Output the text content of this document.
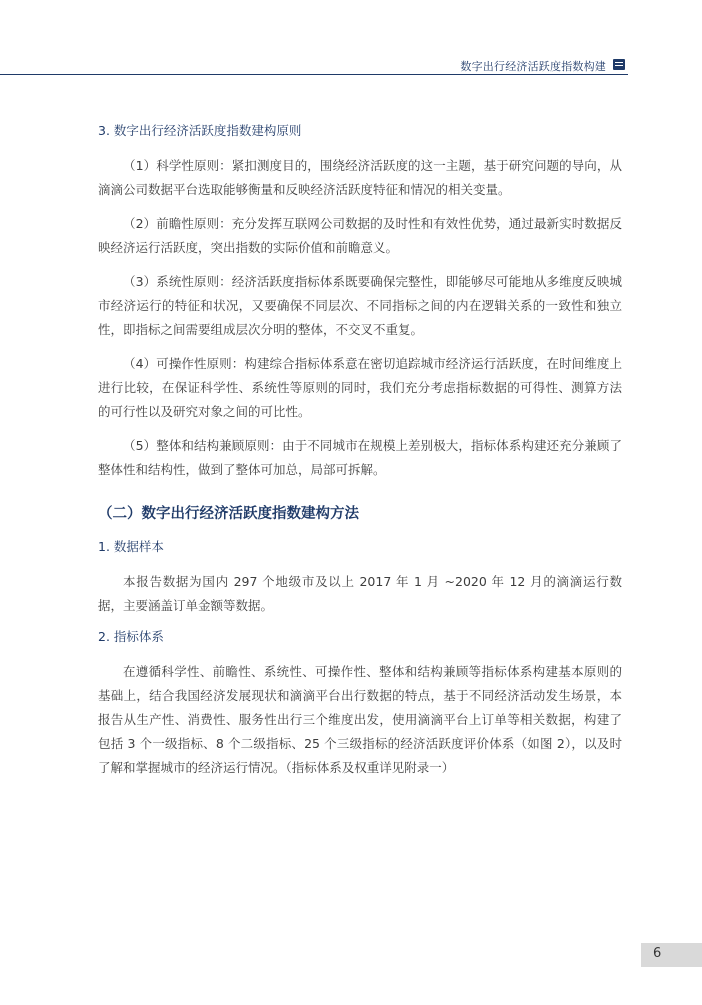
数字出行经济活跃度指数构建
3. 数字出行经济活跃度指数建构原则

（1）科学性原则：紧扣测度目的，围绕经济活跃度的这一主题，基于研究问题的导向，从滴滴公司数据平台选取能够衡量和反映经济活跃度特征和情况的相关变量。

（2）前瞻性原则：充分发挥互联网公司数据的及时性和有效性优势，通过最新实时数据反映经济运行活跃度，突出指数的实际价值和前瞻意义。

（3）系统性原则：经济活跃度指标体系既要确保完整性，即能够尽可能地从多维度反映城市经济运行的特征和状况，又要确保不同层次、不同指标之间的内在逻辑关系的一致性和独立性，即指标之间需要组成层次分明的整体，不交叉不重复。

（4）可操作性原则：构建综合指标体系意在密切追踪城市经济运行活跃度，在时间维度上进行比较，在保证科学性、系统性等原则的同时，我们充分考虑指标数据的可得性、测算方法的可行性以及研究对象之间的可比性。

（5）整体和结构兼顾原则：由于不同城市在规模上差别极大，指标体系构建还充分兼顾了整体性和结构性，做到了整体可加总，局部可拆解。

（二）数字出行经济活跃度指数建构方法
1. 数据样本

本报告数据为国内 297 个地级市及以上 2017 年 1 月 ~2020 年 12 月的滴滴运行数据，主要涵盖订单金额等数据。

2. 指标体系

在遵循科学性、前瞻性、系统性、可操作性、整体和结构兼顾等指标体系构建基本原则的基础上，结合我国经济发展现状和滴滴平台出行数据的特点，基于不同经济活动发生场景，本报告从生产性、消费性、服务性出行三个维度出发，使用滴滴平台上订单等相关数据，构建了包括 3 个一级指标、8 个二级指标、25 个三级指标的经济活跃度评价体系（如图 2），以及时了解和掌握城市的经济运行情况。（指标体系及权重详见附录一）

6
